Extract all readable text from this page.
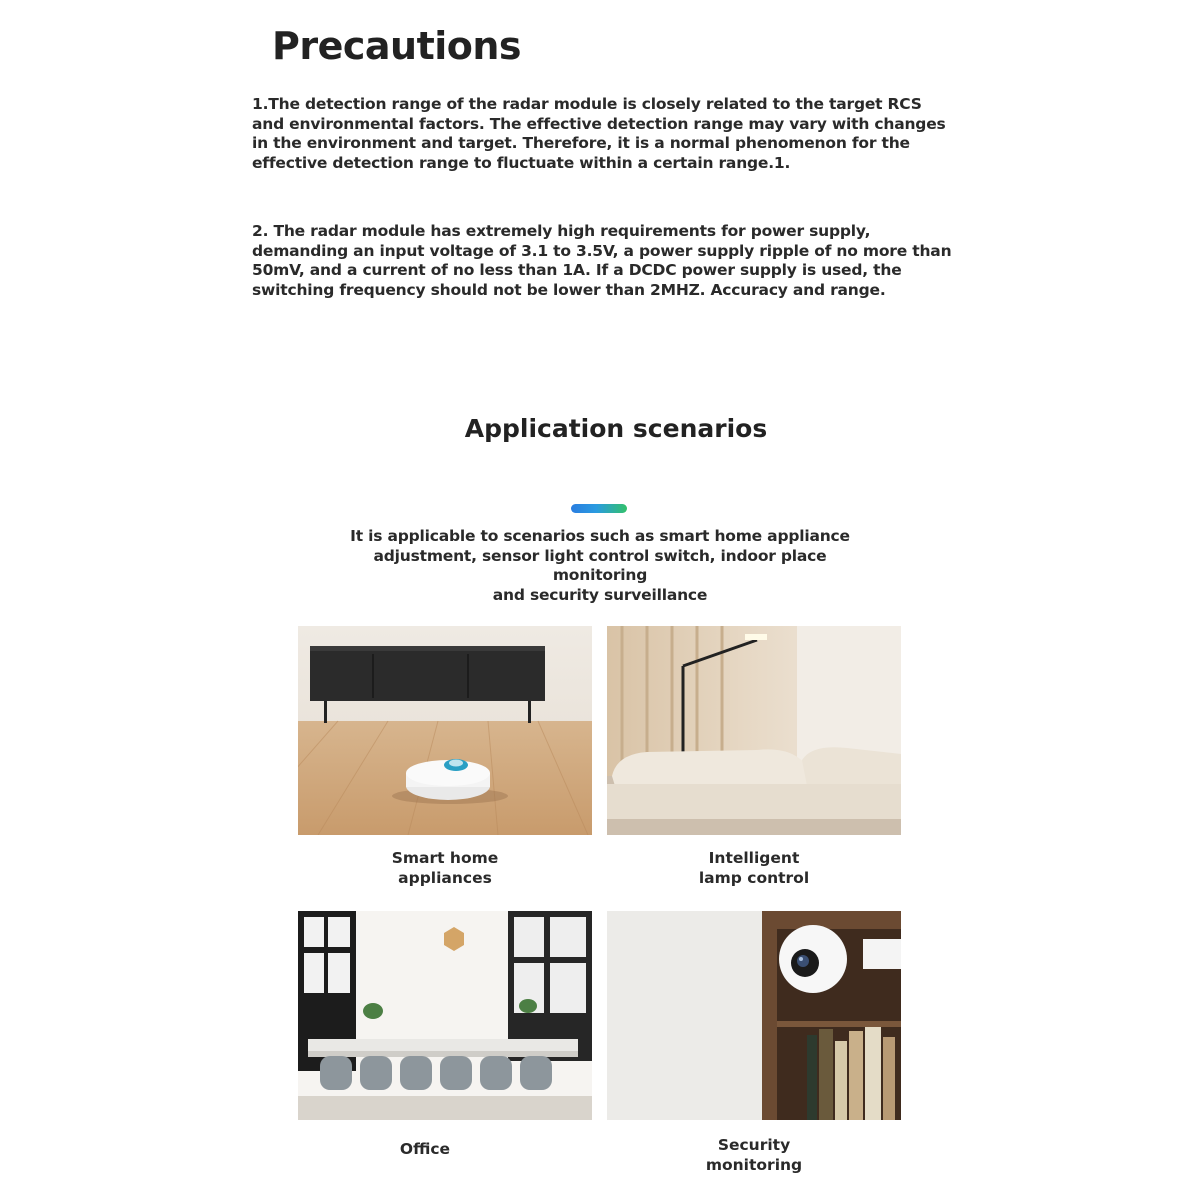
Precautions
1.The detection range of the radar module is closely related to the target RCS and environmental factors. The effective detection range may vary with changes in the environment and target. Therefore, it is a normal phenomenon for the effective detection range to fluctuate within a certain range.1.
2. The radar module has extremely high requirements for power supply, demanding an input voltage of 3.1 to 3.5V, a power supply ripple of no more than 50mV, and a current of no less than 1A. If a DCDC power supply is used, the switching frequency should not be lower than 2MHZ. Accuracy and range.
Application scenarios
It is applicable to scenarios such as smart home appliance
adjustment, sensor light control switch, indoor place monitoring
and security surveillance
Smart home
appliances
Intelligent
lamp control
Office	Security
monitoring
